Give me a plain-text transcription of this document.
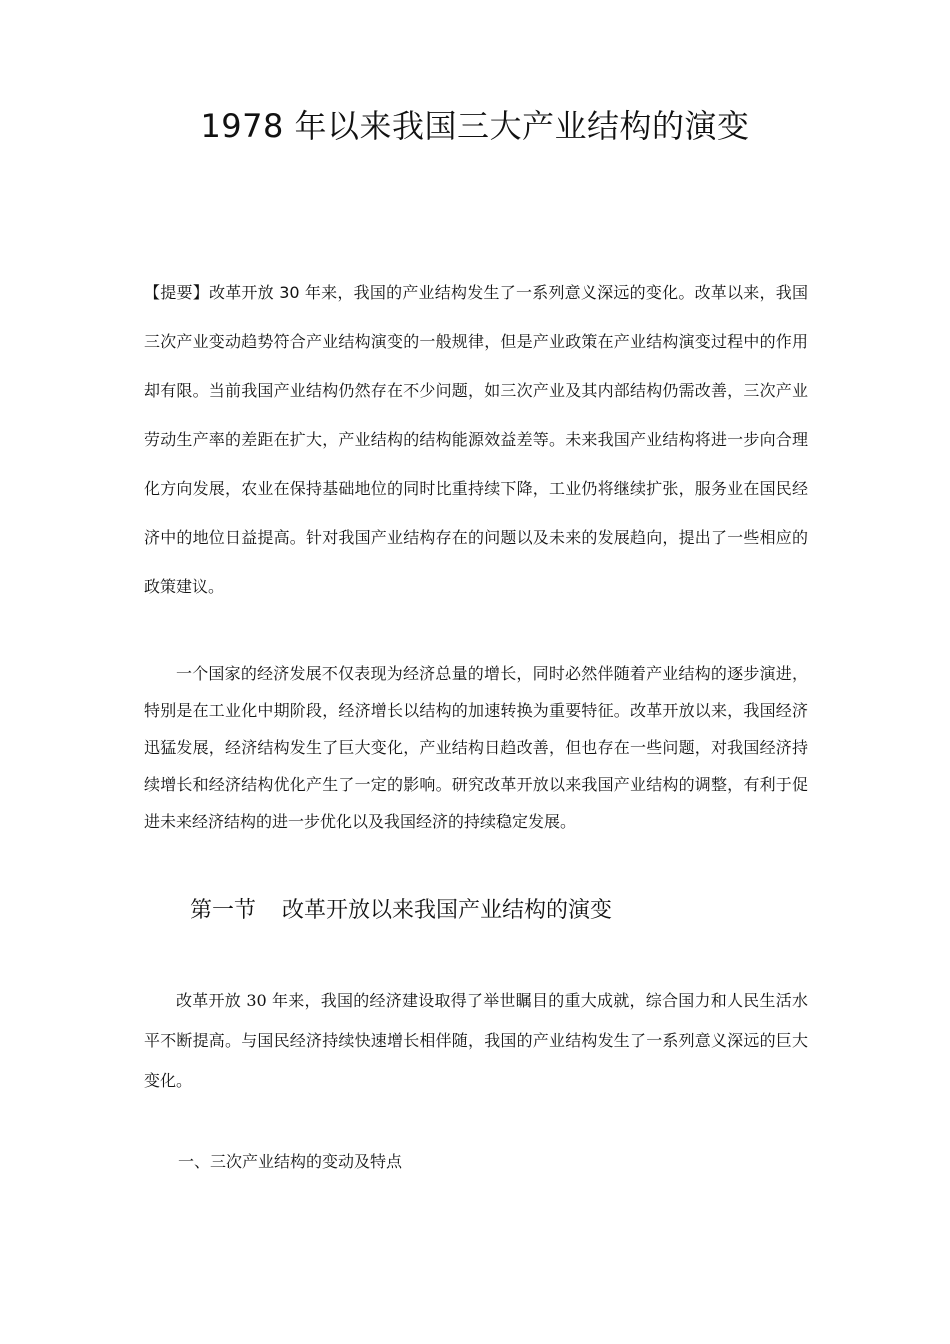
1978 年以来我国三大产业结构的演变

【提要】改革开放 30 年来，我国的产业结构发生了一系列意义深远的变化。改革以来，我国三次产业变动趋势符合产业结构演变的一般规律，但是产业政策在产业结构演变过程中的作用却有限。当前我国产业结构仍然存在不少问题，如三次产业及其内部结构仍需改善，三次产业劳动生产率的差距在扩大，产业结构的结构能源效益差等。未来我国产业结构将进一步向合理化方向发展，农业在保持基础地位的同时比重持续下降，工业仍将继续扩张，服务业在国民经济中的地位日益提高。针对我国产业结构存在的问题以及未来的发展趋向，提出了一些相应的政策建议。

一个国家的经济发展不仅表现为经济总量的增长，同时必然伴随着产业结构的逐步演进，特别是在工业化中期阶段，经济增长以结构的加速转换为重要特征。改革开放以来，我国经济迅猛发展，经济结构发生了巨大变化，产业结构日趋改善，但也存在一些问题，对我国经济持续增长和经济结构优化产生了一定的影响。研究改革开放以来我国产业结构的调整，有利于促进未来经济结构的进一步优化以及我国经济的持续稳定发展。

第一节 改革开放以来我国产业结构的演变

改革开放 30 年来，我国的经济建设取得了举世瞩目的重大成就，综合国力和人民生活水平不断提高。与国民经济持续快速增长相伴随，我国的产业结构发生了一系列意义深远的巨大变化。

一、三次产业结构的变动及特点
